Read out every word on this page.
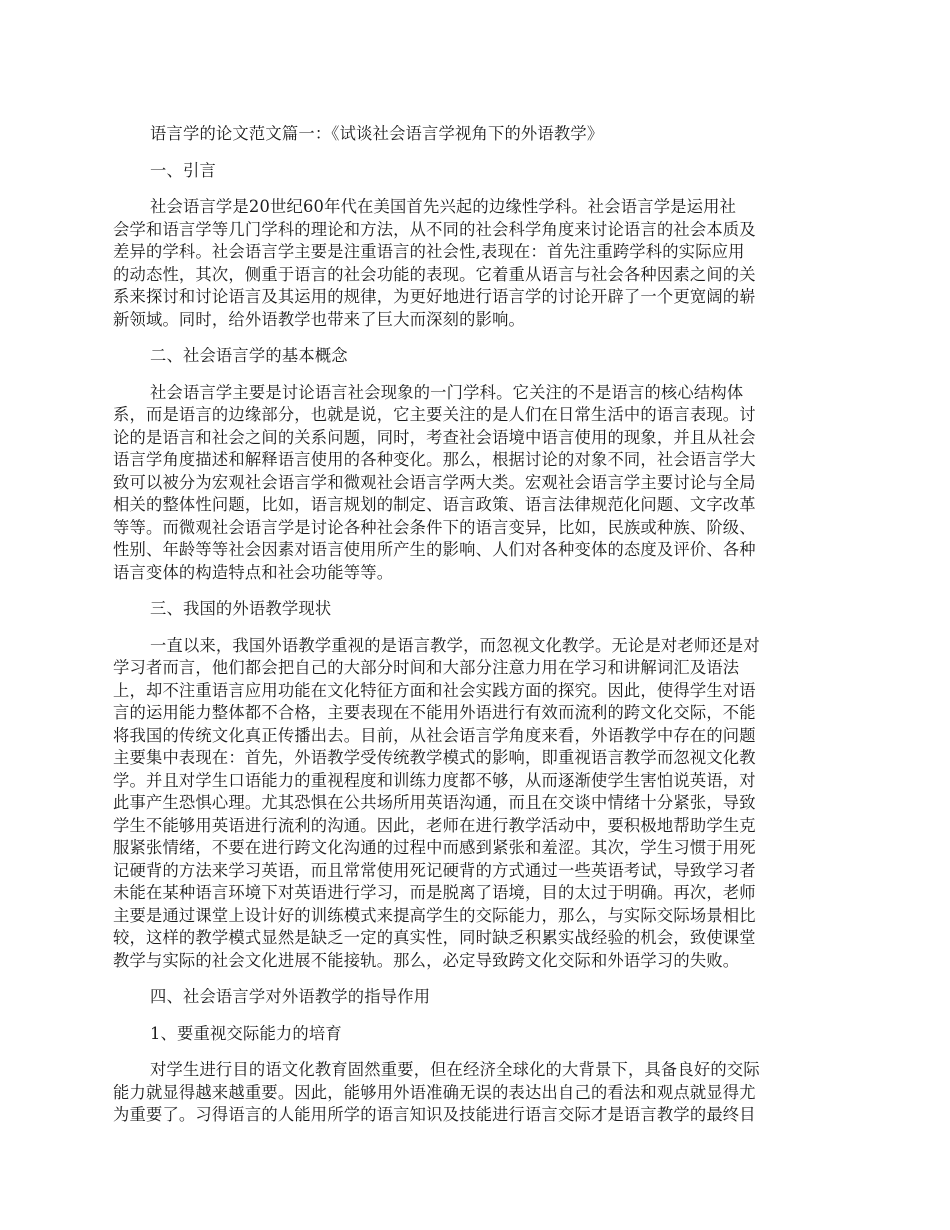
语言学的论文范文篇一：《试谈社会语言学视角下的外语教学》

一、引言

社会语言学是20世纪60年代在美国首先兴起的边缘性学科。社会语言学是运用社
会学和语言学等几门学科的理论和方法，从不同的社会科学角度来讨论语言的社会本质及
差异的学科。社会语言学主要是注重语言的社会性,表现在：首先注重跨学科的实际应用
的动态性，其次，侧重于语言的社会功能的表现。它着重从语言与社会各种因素之间的关
系来探讨和讨论语言及其运用的规律，为更好地进行语言学的讨论开辟了一个更宽阔的崭
新领域。同时，给外语教学也带来了巨大而深刻的影响。

二、社会语言学的基本概念

社会语言学主要是讨论语言社会现象的一门学科。它关注的不是语言的核心结构体
系，而是语言的边缘部分，也就是说，它主要关注的是人们在日常生活中的语言表现。讨
论的是语言和社会之间的关系问题，同时，考查社会语境中语言使用的现象，并且从社会
语言学角度描述和解释语言使用的各种变化。那么，根据讨论的对象不同，社会语言学大
致可以被分为宏观社会语言学和微观社会语言学两大类。宏观社会语言学主要讨论与全局
相关的整体性问题，比如，语言规划的制定、语言政策、语言法律规范化问题、文字改革
等等。而微观社会语言学是讨论各种社会条件下的语言变异，比如，民族或种族、阶级、
性别、年龄等等社会因素对语言使用所产生的影响、人们对各种变体的态度及评价、各种
语言变体的构造特点和社会功能等等。

三、我国的外语教学现状

一直以来，我国外语教学重视的是语言教学，而忽视文化教学。无论是对老师还是对
学习者而言，他们都会把自己的大部分时间和大部分注意力用在学习和讲解词汇及语法
上，却不注重语言应用功能在文化特征方面和社会实践方面的探究。因此，使得学生对语
言的运用能力整体都不合格，主要表现在不能用外语进行有效而流利的跨文化交际，不能
将我国的传统文化真正传播出去。目前，从社会语言学角度来看，外语教学中存在的问题
主要集中表现在：首先，外语教学受传统教学模式的影响，即重视语言教学而忽视文化教
学。并且对学生口语能力的重视程度和训练力度都不够，从而逐渐使学生害怕说英语，对
此事产生恐惧心理。尤其恐惧在公共场所用英语沟通，而且在交谈中情绪十分紧张，导致
学生不能够用英语进行流利的沟通。因此，老师在进行教学活动中，要积极地帮助学生克
服紧张情绪，不要在进行跨文化沟通的过程中而感到紧张和羞涩。其次，学生习惯于用死
记硬背的方法来学习英语，而且常常使用死记硬背的方式通过一些英语考试，导致学习者
未能在某种语言环境下对英语进行学习，而是脱离了语境，目的太过于明确。再次，老师
主要是通过课堂上设计好的训练模式来提高学生的交际能力，那么，与实际交际场景相比
较，这样的教学模式显然是缺乏一定的真实性，同时缺乏积累实战经验的机会，致使课堂
教学与实际的社会文化进展不能接轨。那么，必定导致跨文化交际和外语学习的失败。

四、社会语言学对外语教学的指导作用

1、要重视交际能力的培育

对学生进行目的语文化教育固然重要，但在经济全球化的大背景下，具备良好的交际
能力就显得越来越重要。因此，能够用外语准确无误的表达出自己的看法和观点就显得尤
为重要了。习得语言的人能用所学的语言知识及技能进行语言交际才是语言教学的最终目
